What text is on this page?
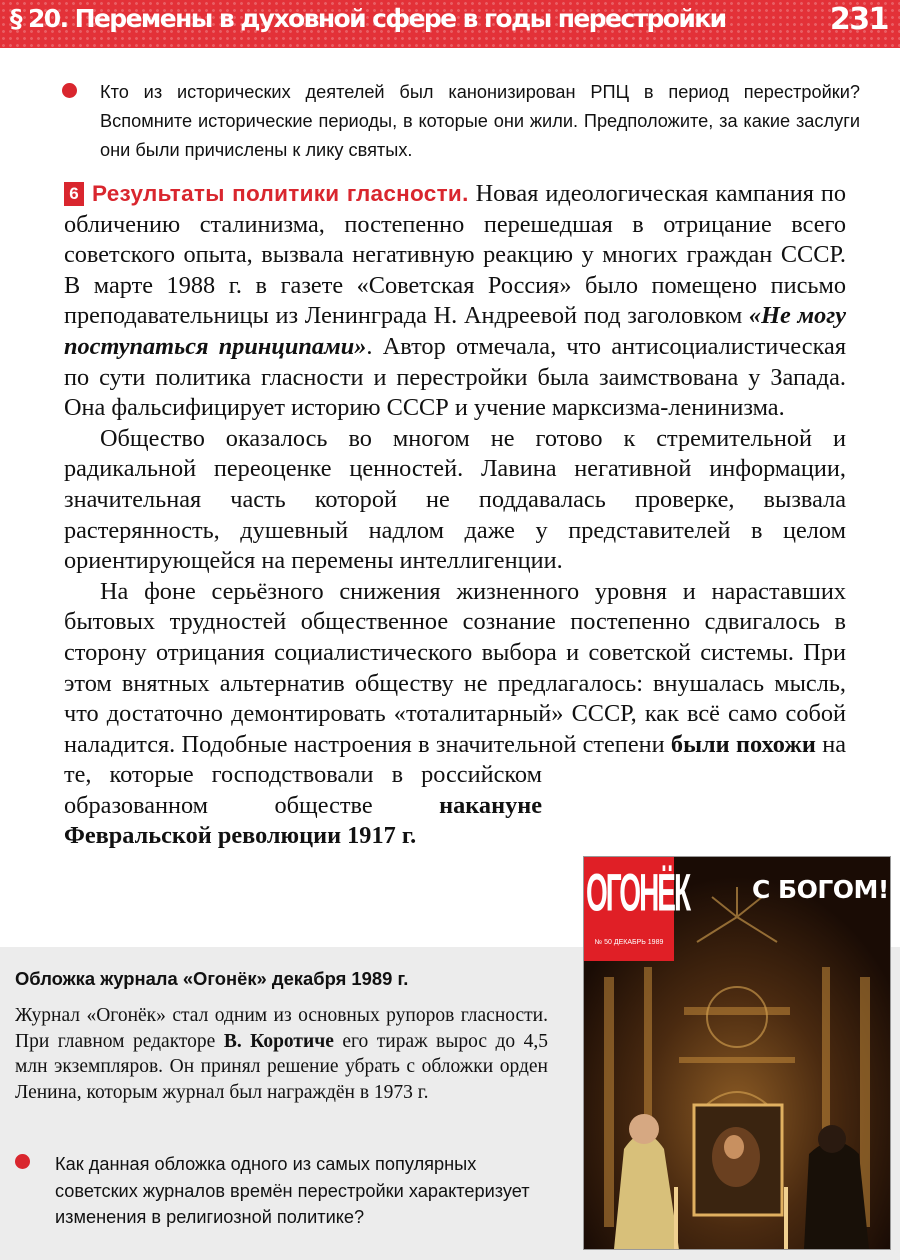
§ 20. Перемены в духовной сфере в годы перестройки	231
Кто из исторических деятелей был канонизирован РПЦ в период перестройки? Вспомните исторические периоды, в которые они жили. Предположите, за какие заслуги они были причислены к лику святых.

6 Результаты политики гласности. Новая идеологическая кампания по обличению сталинизма, постепенно перешедшая в отрицание всего советского опыта, вызвала негативную реакцию у многих граждан СССР. В марте 1988 г. в газете «Советская Россия» было помещено письмо преподавательницы из Ленинграда Н. Андреевой под заголовком «Не могу поступаться принципами». Автор отмечала, что антисоциалистическая по сути политика гласности и перестройки была заимствована у Запада. Она фальсифицирует историю СССР и учение марксизма-ленинизма.

Общество оказалось во многом не готово к стремительной и радикальной переоценке ценностей. Лавина негативной информации, значительная часть которой не поддавалась проверке, вызвала растерянность, душевный надлом даже у представителей в целом ориентирующейся на перемены интеллигенции.

На фоне серьёзного снижения жизненного уровня и нараставших бытовых трудностей общественное сознание постепенно сдвигалось в сторону отрицания социалистического выбора и советской системы. При этом внятных альтернатив обществу не предлагалось: внушалась мысль, что достаточно демонтировать «тоталитарный» СССР, как всё само собой наладится. Подобные настроения в значительной степени были похожи
на те, которые господствовали в российском образованном обществе накануне Февральской революции 1917 г.

Обложка журнала «Огонёк» декабря 1989 г.
Журнал «Огонёк» стал одним из основных рупоров гласности. При главном редакторе В. Коротиче его тираж вырос до 4,5 млн экземпляров. Он принял решение убрать с обложки орден Ленина, которым журнал был награждён в 1973 г.
Как данная обложка одного из самых популярных советских журналов времён перестройки характеризует изменения в религиозной политике?
ОГОНЁК
№ 50 ДЕКАБРЬ 1989
С БОГОМ!
